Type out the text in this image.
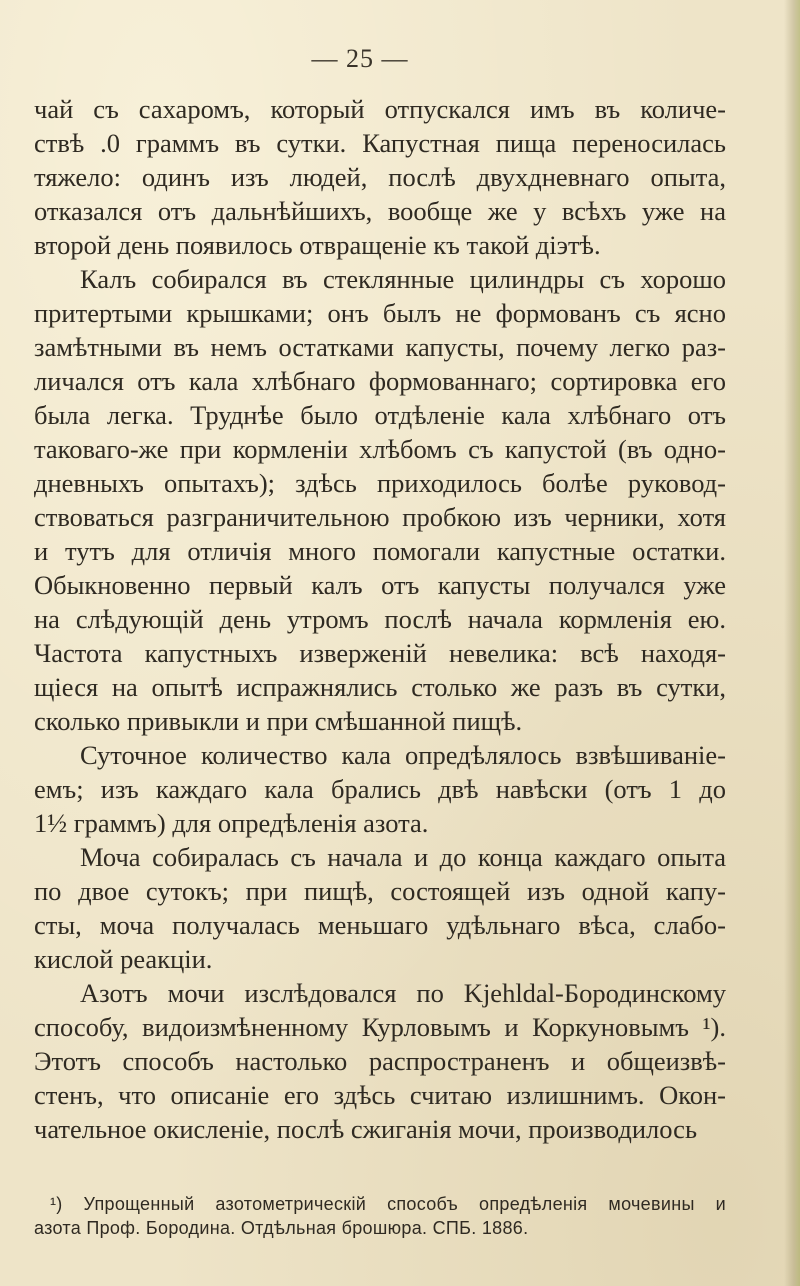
— 25 —
чай съ сахаромъ, который отпускался имъ въ количе-
ствѣ .0 граммъ въ сутки. Капустная пища переносилась
тяжело: одинъ изъ людей, послѣ двухдневнаго опыта,
отказался отъ дальнѣйшихъ, вообще же у всѣхъ уже на
второй день появилось отвращеніе къ такой діэтѣ.
Калъ собирался въ стеклянные цилиндры съ хорошо
притертыми крышками; онъ былъ не формованъ съ ясно
замѣтными въ немъ остатками капусты, почему легко раз-
личался отъ кала хлѣбнаго формованнаго; сортировка его
была легка. Труднѣе было отдѣленіе кала хлѣбнаго отъ
таковаго-же при кормленіи хлѣбомъ съ капустой (въ одно-
дневныхъ опытахъ); здѣсь приходилось болѣе руковод-
ствоваться разграничительною пробкою изъ черники, хотя
и тутъ для отличія много помогали капустные остатки.
Обыкновенно первый калъ отъ капусты получался уже
на слѣдующій день утромъ послѣ начала кормленія ею.
Частота капустныхъ изверженій невелика: всѣ находя-
щіеся на опытѣ испражнялись столько же разъ въ сутки,
сколько привыкли и при смѣшанной пищѣ.
Суточное количество кала опредѣлялось взвѣшиваніе-
емъ; изъ каждаго кала брались двѣ навѣски (отъ 1 до
1½ граммъ) для опредѣленія азота.
Моча собиралась съ начала и до конца каждаго опыта
по двое сутокъ; при пищѣ, состоящей изъ одной капу-
сты, моча получалась меньшаго удѣльнаго вѣса, слабо-
кислой реакціи.
Азотъ мочи изслѣдовался по Kjehldal-Бородинскому
способу, видоизмѣненному Курловымъ и Коркуновымъ ¹).
Этотъ способъ настолько распространенъ и общеизвѣ-
стенъ, что описаніе его здѣсь считаю излишнимъ. Окон-
чательное окисленіе, послѣ сжиганія мочи, производилось
¹) Упрощенный азотометрическій способъ опредѣленія мочевины и
азота Проф. Бородина. Отдѣльная брошюра. СПБ. 1886.
